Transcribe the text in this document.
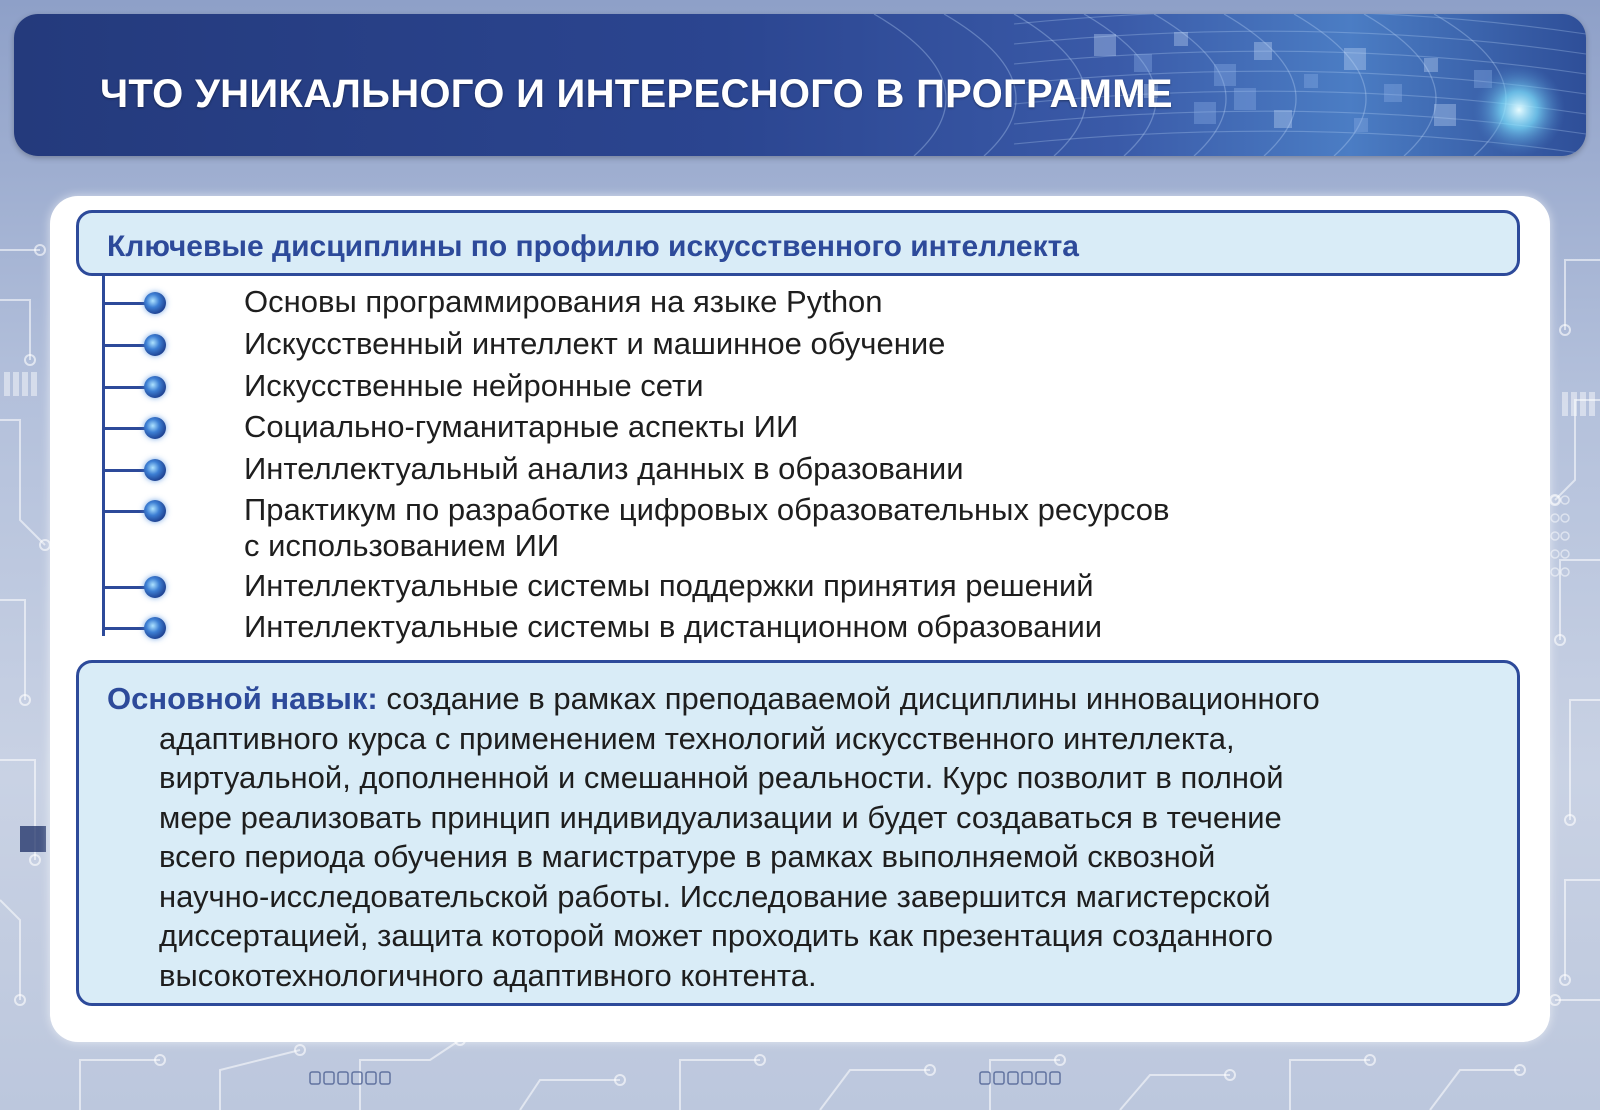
ЧТО УНИКАЛЬНОГО И ИНТЕРЕСНОГО В ПРОГРАММЕ
Ключевые дисциплины по профилю искусственного интеллекта
Основы программирования на языке Python
Искусственный интеллект и машинное обучение
Искусственные нейронные сети
Социально-гуманитарные аспекты ИИ
Интеллектуальный анализ данных в образовании
Практикум по разработке цифровых образовательных ресурсов
с использованием ИИ
Интеллектуальные системы поддержки принятия решений
Интеллектуальные системы в дистанционном образовании
Основной навык: создание в рамках преподаваемой дисциплины инновационного
адаптивного курса с применением технологий искусственного интеллекта,
виртуальной, дополненной и смешанной реальности. Курс позволит в полной
мере реализовать принцип индивидуализации и будет создаваться в течение
всего периода обучения в магистратуре в рамках выполняемой сквозной
научно-исследовательской работы. Исследование завершится магистерской
диссертацией, защита которой может проходить как презентация созданного
высокотехнологичного адаптивного контента.
